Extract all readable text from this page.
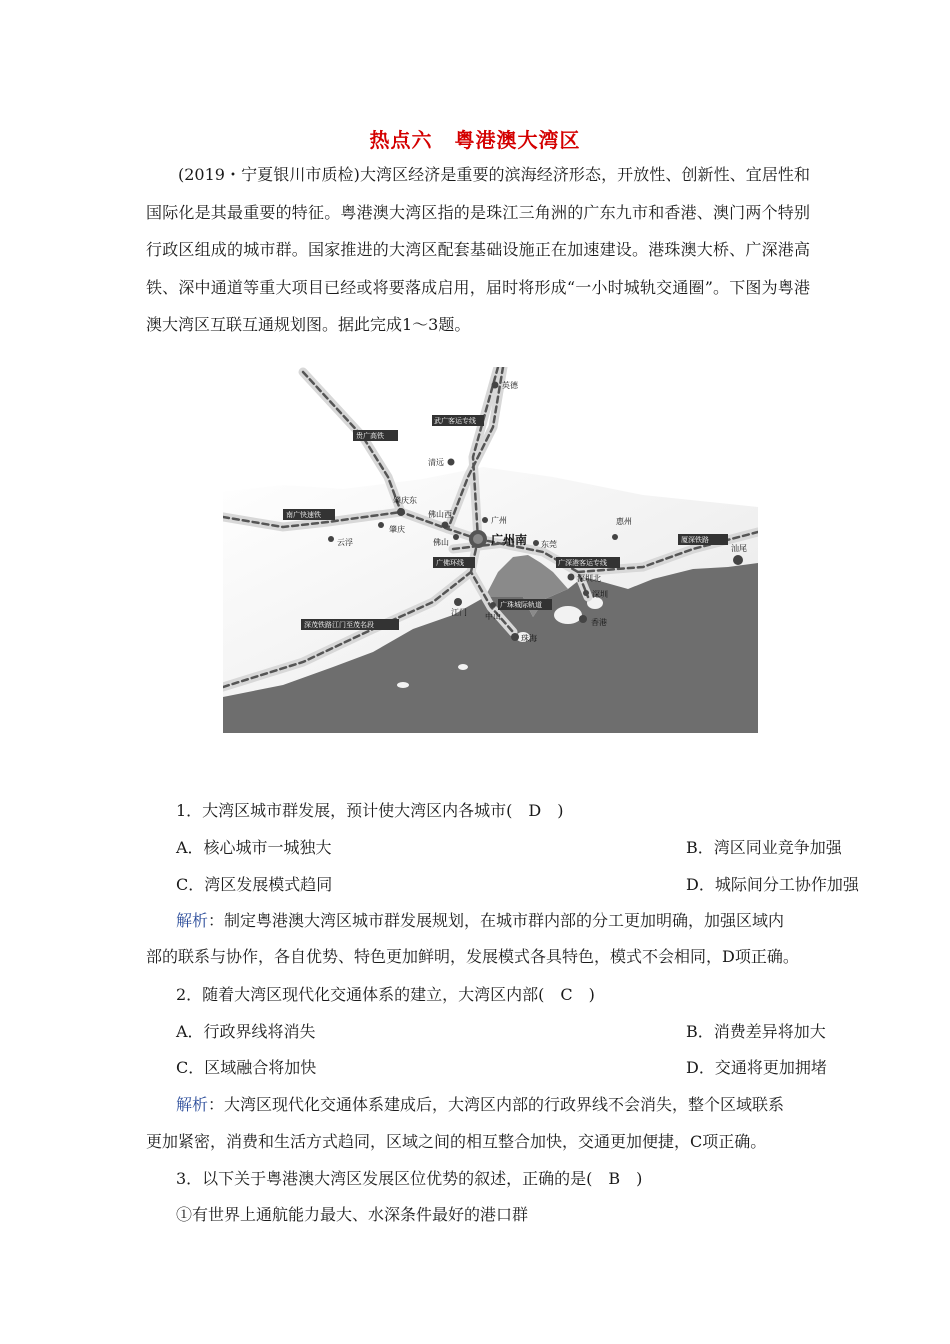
热点六 粤港澳大湾区
(2019・宁夏银川市质检)大湾区经济是重要的滨海经济形态，开放性、创新性、宜居性和国际化是其最重要的特征。粤港澳大湾区指的是珠江三角洲的广东九市和香港、澳门两个特别行政区组成的城市群。国家推进的大湾区配套基础设施正在加速建设。港珠澳大桥、广深港高铁、深中通道等重大项目已经或将要落成启用，届时将形成“一小时城轨交通圈”。下图为粤港澳大湾区互联互通规划图。据此完成1～3题。
武广客运专线
贵广高铁
南广快速铁
广佛环线	广深港客运专线
厦深铁路
广珠城际轨道
深茂铁路江门至茂名段
英德
清远
肇庆东
肇庆
云浮
佛山西
广州
佛山	广州南 东莞
惠州
汕尾
深圳北
深圳
香港
江门 中山
珠海
1．大湾区城市群发展，预计使大湾区内各城市(　D　)
A．核心城市一城独大	B．湾区同业竞争加强
C．湾区发展模式趋同	D．城际间分工协作加强
解析：制定粤港澳大湾区城市群发展规划，在城市群内部的分工更加明确，加强区域内
部的联系与协作，各自优势、特色更加鲜明，发展模式各具特色，模式不会相同，D项正确。
2．随着大湾区现代化交通体系的建立，大湾区内部(　C　)
A．行政界线将消失	B．消费差异将加大
C．区域融合将加快	D．交通将更加拥堵
解析：大湾区现代化交通体系建成后，大湾区内部的行政界线不会消失，整个区域联系
更加紧密，消费和生活方式趋同，区域之间的相互整合加快，交通更加便捷，C项正确。
3．以下关于粤港澳大湾区发展区位优势的叙述，正确的是(　B　)
①有世界上通航能力最大、水深条件最好的港口群
